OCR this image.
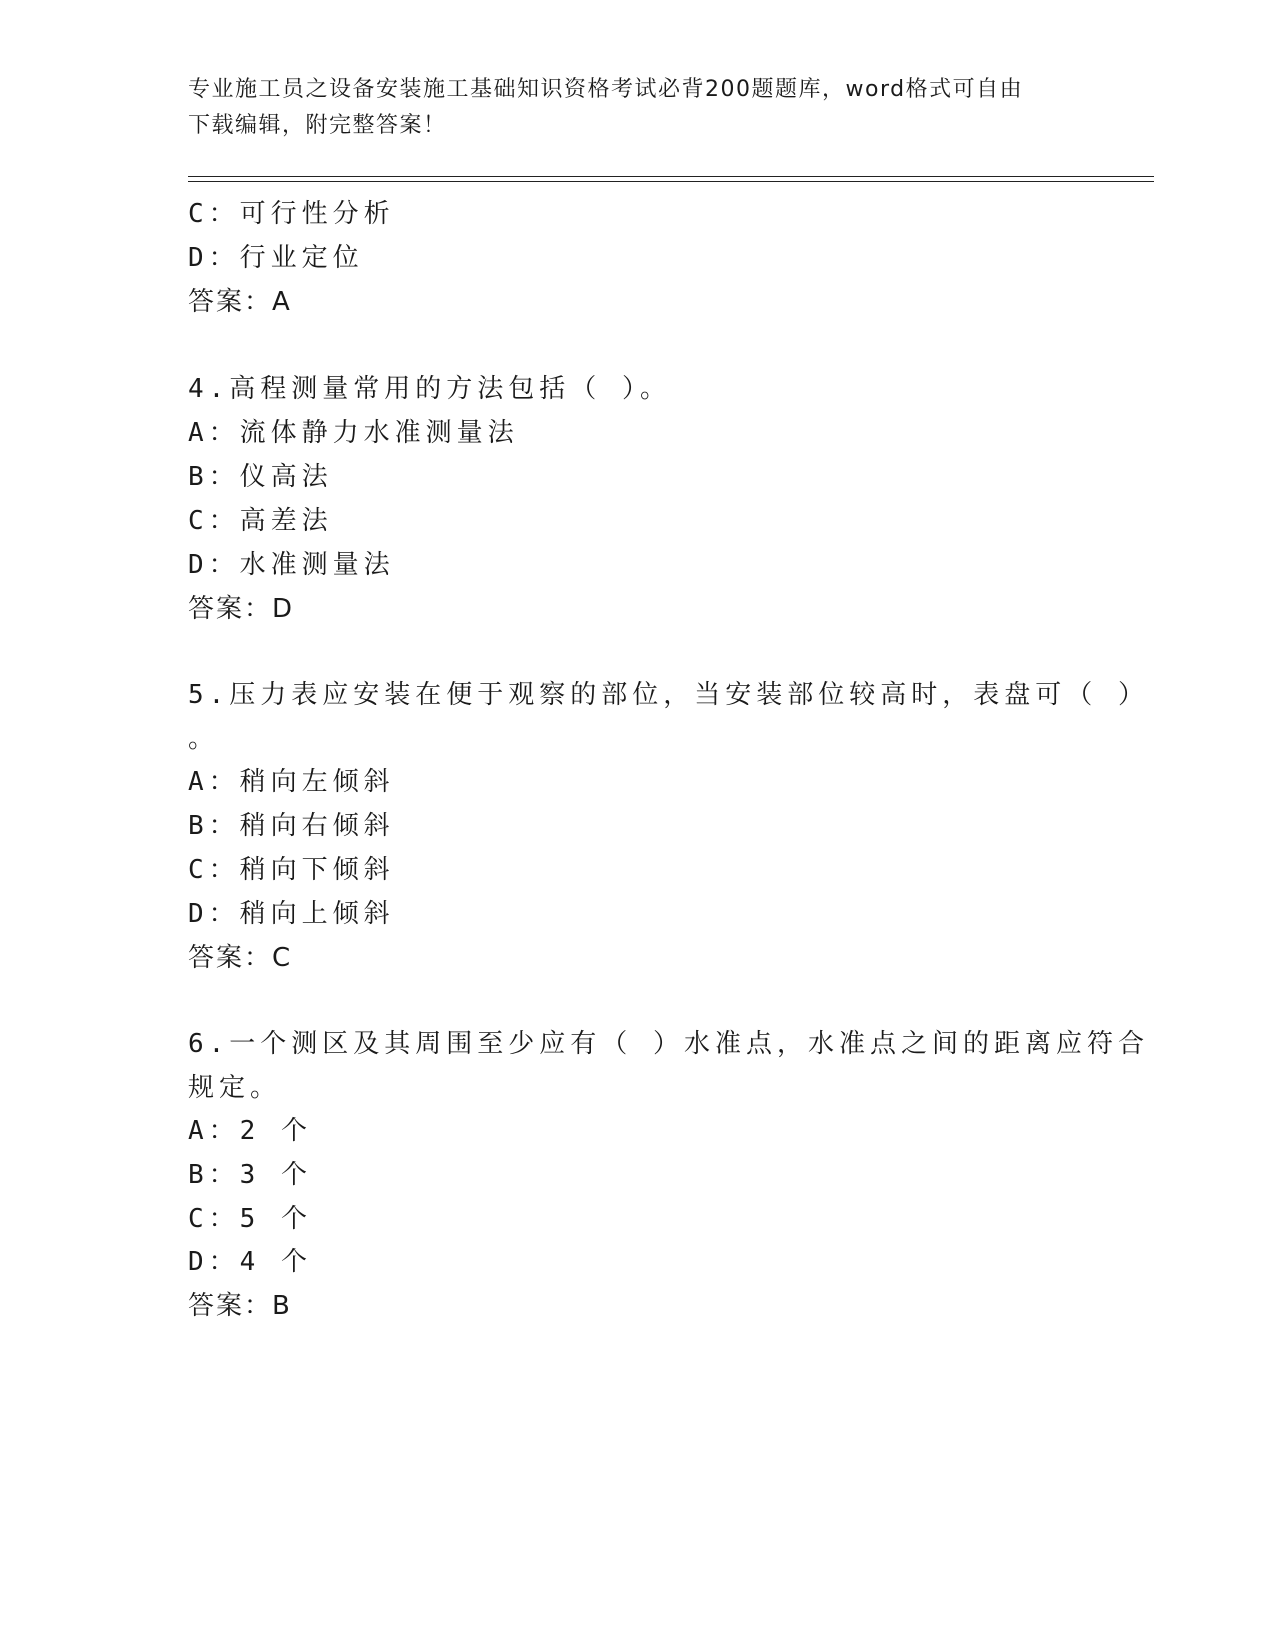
专业施工员之设备安装施工基础知识资格考试必背200题题库，word格式可自由
下载编辑，附完整答案！
C：可行性分析
D：行业定位
答案：A
4.高程测量常用的方法包括（ ）。
A：流体静力水准测量法
B：仪高法
C：高差法
D：水准测量法
答案：D
5.压力表应安装在便于观察的部位，当安装部位较高时，表盘可（ ）
。
A：稍向左倾斜
B：稍向右倾斜
C：稍向下倾斜
D：稍向上倾斜
答案：C
6.一个测区及其周围至少应有（ ）水准点，水准点之间的距离应符合
规定。
A：2 个
B：3 个
C：5 个
D：4 个
答案：B
